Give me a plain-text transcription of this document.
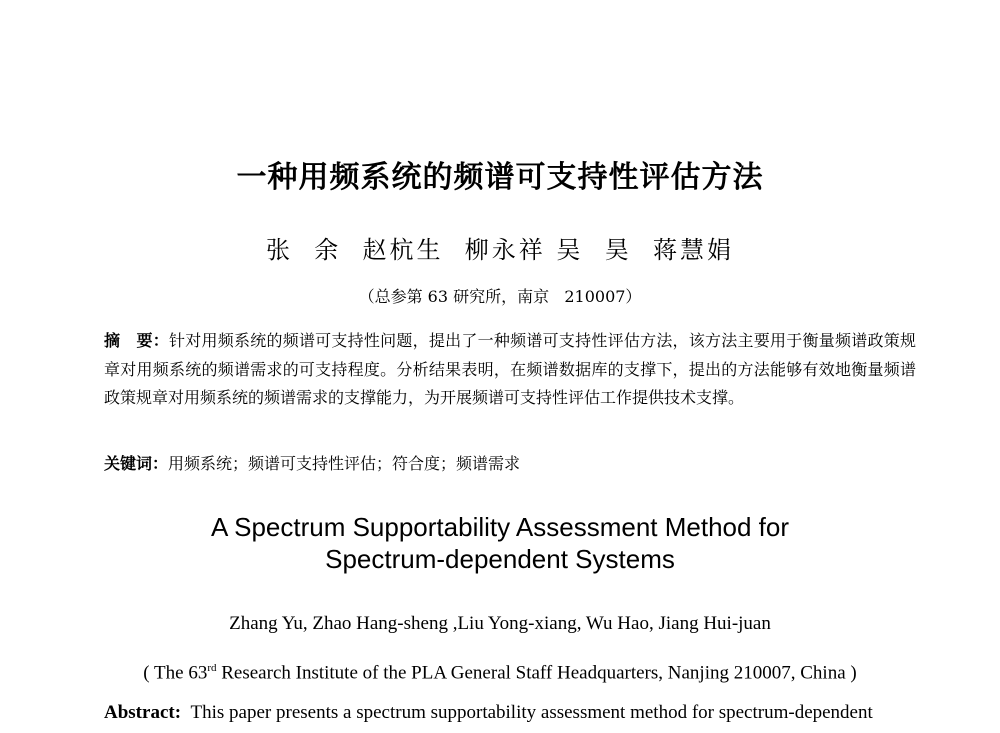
一种用频系统的频谱可支持性评估方法
张  余  赵杭生  柳永祥 吴  昊  蒋慧娟
（总参第 63 研究所，南京   210007）
摘　要：针对用频系统的频谱可支持性问题，提出了一种频谱可支持性评估方法，该方法主要用于衡量频谱政策规章对用频系统的频谱需求的可支持程度。分析结果表明，在频谱数据库的支撑下，提出的方法能够有效地衡量频谱政策规章对用频系统的频谱需求的支撑能力，为开展频谱可支持性评估工作提供技术支撑。
关键词：用频系统；频谱可支持性评估；符合度；频谱需求
A Spectrum Supportability Assessment Method for
Spectrum-dependent Systems
Zhang Yu, Zhao Hang-sheng ,Liu Yong-xiang, Wu Hao, Jiang Hui-juan
( The 63rd Research Institute of the PLA General Staff Headquarters, Nanjing 210007, China )
Abstract: This paper presents a spectrum supportability assessment method for spectrum-dependent
